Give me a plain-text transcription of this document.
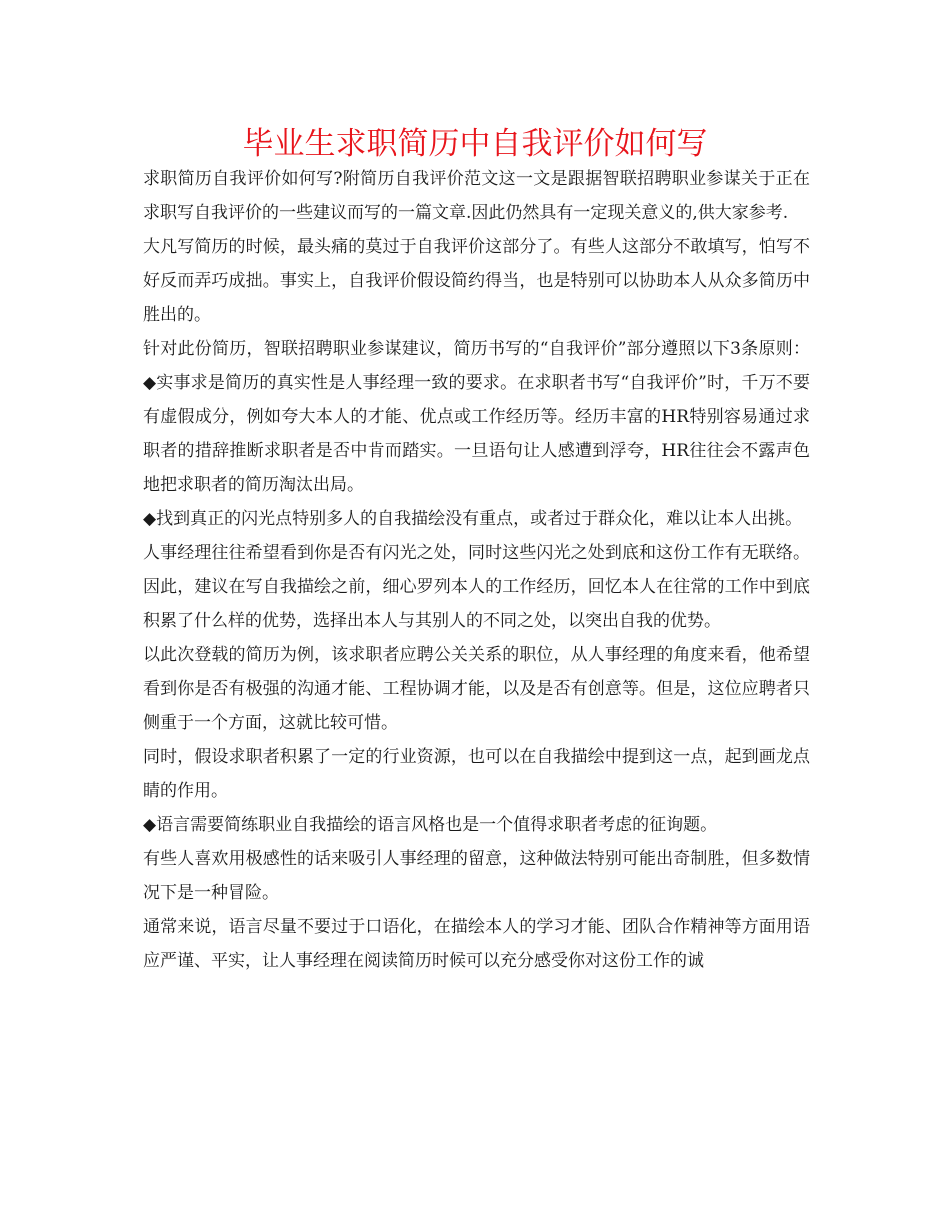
毕业生求职简历中自我评价如何写

求职简历自我评价如何写?附简历自我评价范文这一文是跟据智联招聘职业参谋关于正在求职写自我评价的一些建议而写的一篇文章.因此仍然具有一定现关意义的,供大家参考.

大凡写简历的时候，最头痛的莫过于自我评价这部分了。有些人这部分不敢填写，怕写不好反而弄巧成拙。事实上，自我评价假设简约得当，也是特别可以协助本人从众多简历中胜出的。

针对此份简历，智联招聘职业参谋建议，简历书写的“自我评价”部分遵照以下3条原则：◆实事求是简历的真实性是人事经理一致的要求。在求职者书写“自我评价”时，千万不要有虚假成分，例如夸大本人的才能、优点或工作经历等。经历丰富的HR特别容易通过求职者的措辞推断求职者是否中肯而踏实。一旦语句让人感遭到浮夸，HR往往会不露声色地把求职者的简历淘汰出局。

◆找到真正的闪光点特别多人的自我描绘没有重点，或者过于群众化，难以让本人出挑。

人事经理往往希望看到你是否有闪光之处，同时这些闪光之处到底和这份工作有无联络。因此，建议在写自我描绘之前，细心罗列本人的工作经历，回忆本人在往常的工作中到底积累了什么样的优势，选择出本人与其别人的不同之处，以突出自我的优势。

以此次登载的简历为例，该求职者应聘公关关系的职位，从人事经理的角度来看，他希望看到你是否有极强的沟通才能、工程协调才能，以及是否有创意等。但是，这位应聘者只侧重于一个方面，这就比较可惜。

同时，假设求职者积累了一定的行业资源，也可以在自我描绘中提到这一点，起到画龙点睛的作用。

◆语言需要简练职业自我描绘的语言风格也是一个值得求职者考虑的征询题。

有些人喜欢用极感性的话来吸引人事经理的留意，这种做法特别可能出奇制胜，但多数情况下是一种冒险。

通常来说，语言尽量不要过于口语化，在描绘本人的学习才能、团队合作精神等方面用语应严谨、平实，让人事经理在阅读简历时候可以充分感受你对这份工作的诚
